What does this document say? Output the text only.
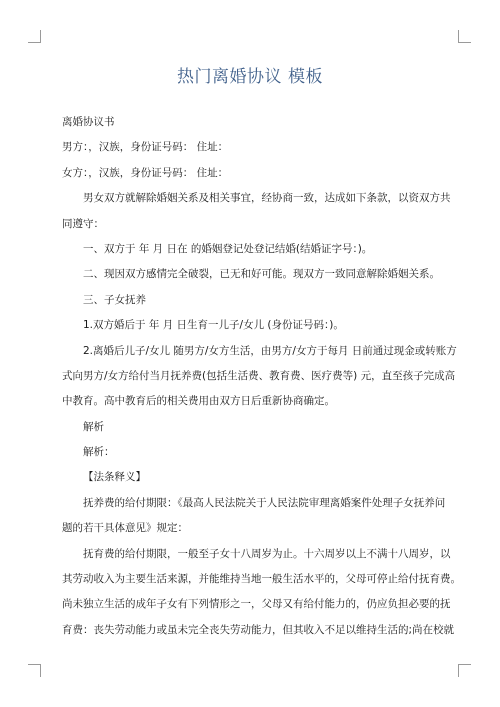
热门离婚协议 模板
离婚协议书
男方：，汉族，身份证号码： 住址：
女方：，汉族，身份证号码： 住址：
男女双方就解除婚姻关系及相关事宜，经协商一致，达成如下条款，以资双方共
同遵守：
一、双方于 年 月 日在 的婚姻登记处登记结婚(结婚证字号：)。
二、现因双方感情完全破裂，已无和好可能。现双方一致同意解除婚姻关系。
三、子女抚养
1.双方婚后于 年 月 日生育一儿子/女儿 (身份证号码：)。
2.离婚后儿子/女儿 随男方/女方生活，由男方/女方于每月 日前通过现金或转账方
式向男方/女方给付当月抚养费(包括生活费、教育费、医疗费等) 元，直至孩子完成高
中教育。高中教育后的相关费用由双方日后重新协商确定。
解析
解析：
【法条释义】
抚养费的给付期限：《最高人民法院关于人民法院审理离婚案件处理子女抚养问
题的若干具体意见》规定：
抚育费的给付期限，一般至子女十八周岁为止。十六周岁以上不满十八周岁，以
其劳动收入为主要生活来源，并能维持当地一般生活水平的，父母可停止给付抚育费。
尚未独立生活的成年子女有下列情形之一，父母又有给付能力的，仍应负担必要的抚
育费：丧失劳动能力或虽未完全丧失劳动能力，但其收入不足以维持生活的;尚在校就
